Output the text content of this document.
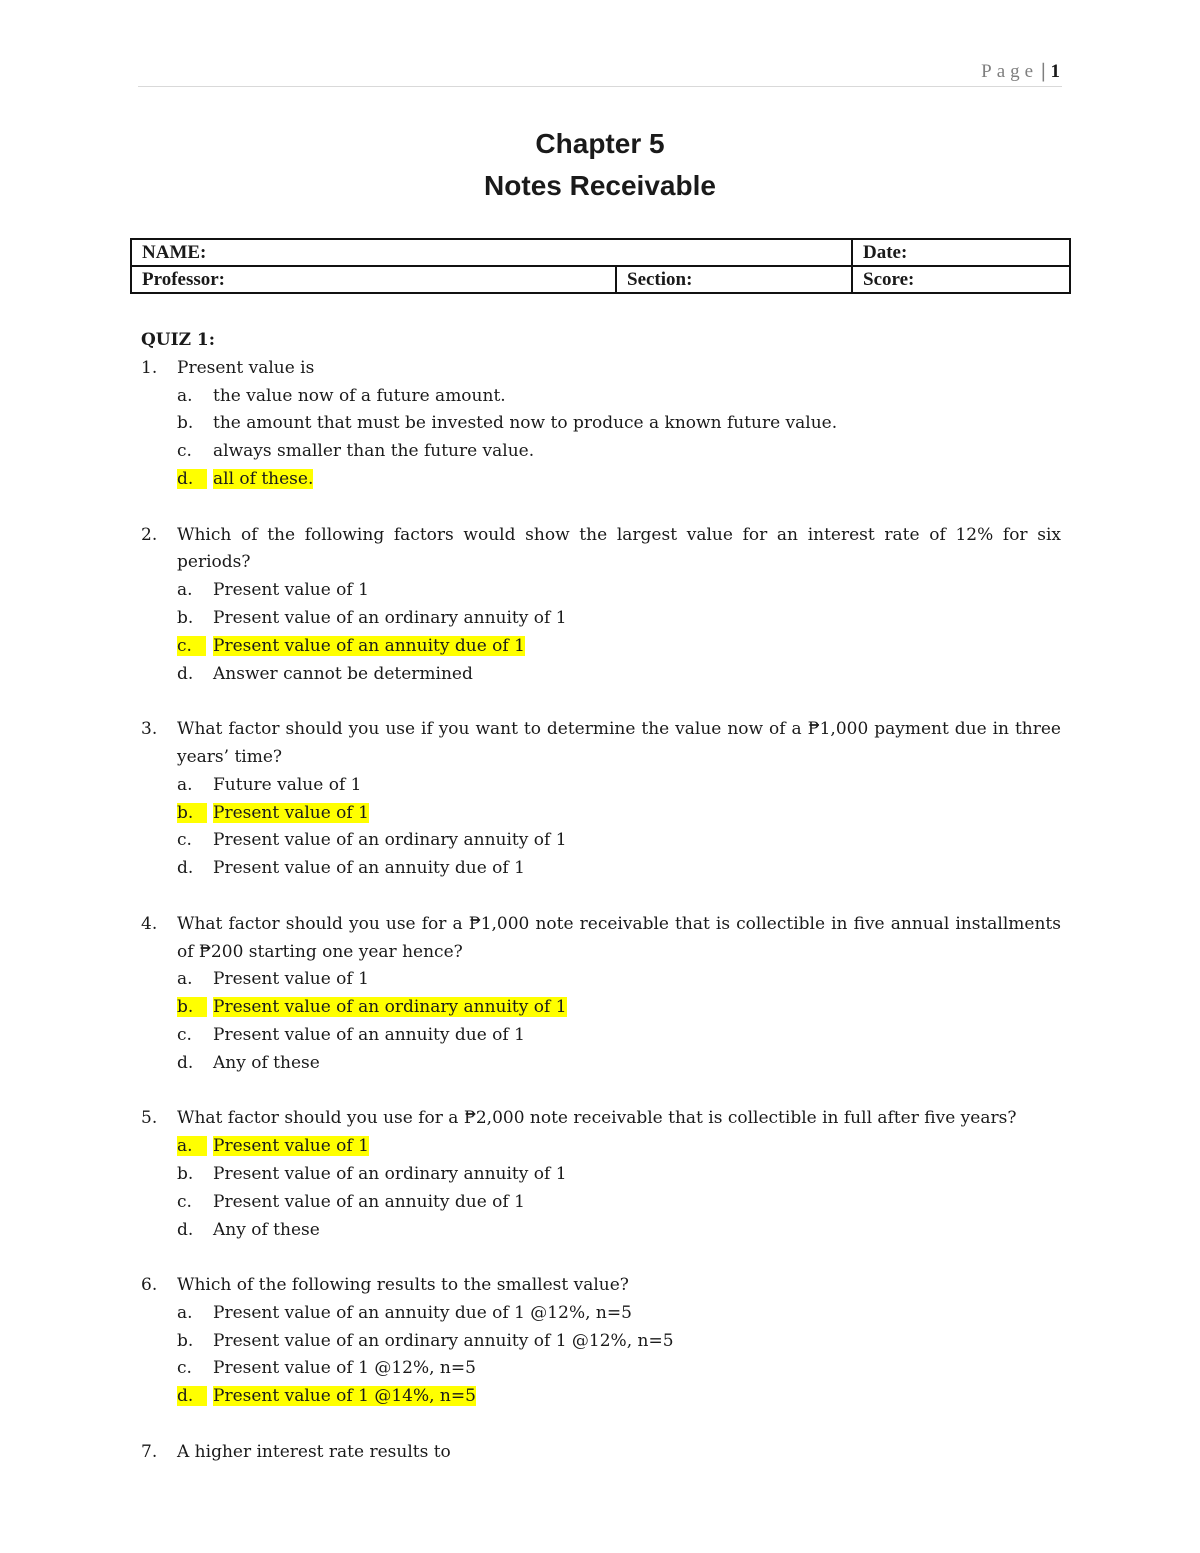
Page | 1
Chapter 5
Notes Receivable
NAME:		Date:
Professor:	Section:	Score:
QUIZ 1:
1.	Present value is
a.	the value now of a future amount.
b.	the amount that must be invested now to produce a known future value.
c.	always smaller than the future value.
d.	all of these.
2.	Which of the following factors would show the largest value for an interest rate of 12% for six periods?
a.	Present value of 1
b.	Present value of an ordinary annuity of 1
c.	Present value of an annuity due of 1
d.	Answer cannot be determined
3.	What factor should you use if you want to determine the value now of a ₱1,000 payment due in three years’ time?
a.	Future value of 1
b.	Present value of 1
c.	Present value of an ordinary annuity of 1
d.	Present value of an annuity due of 1
4.	What factor should you use for a ₱1,000 note receivable that is collectible in five annual installments of ₱200 starting one year hence?
a.	Present value of 1
b.	Present value of an ordinary annuity of 1
c.	Present value of an annuity due of 1
d.	Any of these
5.	What factor should you use for a ₱2,000 note receivable that is collectible in full after five years?
a.	Present value of 1
b.	Present value of an ordinary annuity of 1
c.	Present value of an annuity due of 1
d.	Any of these
6.	Which of the following results to the smallest value?
a.	Present value of an annuity due of 1 @12%, n=5
b.	Present value of an ordinary annuity of 1 @12%, n=5
c.	Present value of 1 @12%, n=5
d.	Present value of 1 @14%, n=5
7.	A higher interest rate results to
